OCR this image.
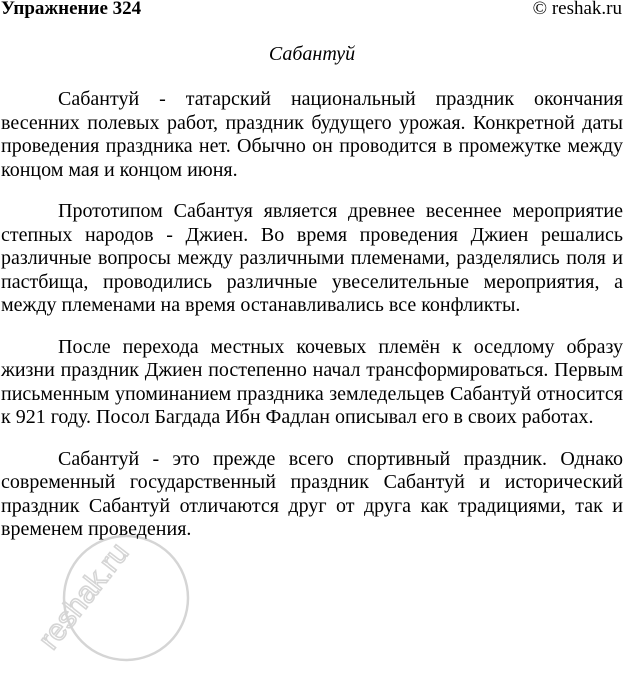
Упражнение 324	© reshak.ru
Сабантуй

Сабантуй - татарский национальный праздник окончания весенних полевых работ, праздник будущего урожая. Конкретной даты проведения праздника нет. Обычно он проводится в промежутке между концом мая и концом июня.

Прототипом Сабантуя является древнее весеннее мероприятие степных народов - Джиен. Во время проведения Джиен решались различные вопросы между различными племенами, разделялись поля и пастбища, проводились различные увеселительные мероприятия, а между племенами на время останавливались все конфликты.

После перехода местных кочевых племён к оседлому образу жизни праздник Джиен постепенно начал трансформироваться. Первым письменным упоминанием праздника земледельцев Сабантуй относится к 921 году. Посол Багдада Ибн Фадлан описывал его в своих работах.

Сабантуй - это прежде всего спортивный праздник. Однако современный государственный праздник Сабантуй и исторический праздник Сабантуй отличаются друг от друга как традициями, так и временем проведения.

reshak.ru
